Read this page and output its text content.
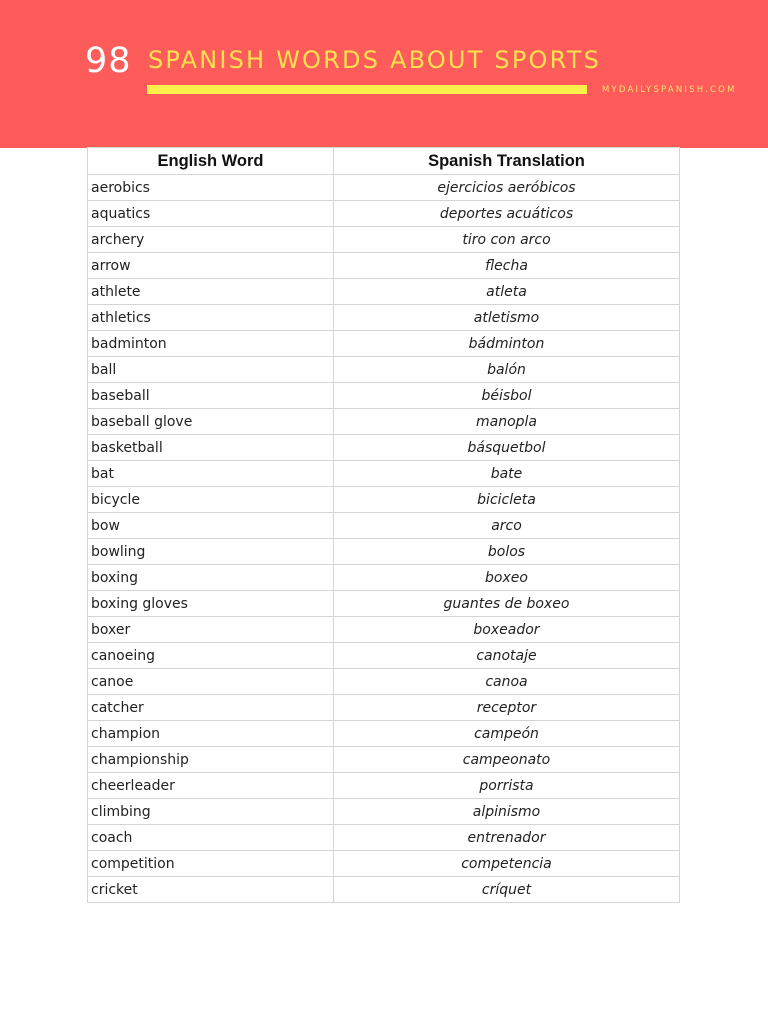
98 SPANISH WORDS ABOUT SPORTS
MYDAILYSPANISH.COM
English Word	Spanish Translation
aerobics	ejercicios aeróbicos
aquatics	deportes acuáticos
archery	tiro con arco
arrow	flecha
athlete	atleta
athletics	atletismo
badminton	bádminton
ball	balón
baseball	béisbol
baseball glove	manopla
basketball	básquetbol
bat	bate
bicycle	bicicleta
bow	arco
bowling	bolos
boxing	boxeo
boxing gloves	guantes de boxeo
boxer	boxeador
canoeing	canotaje
canoe	canoa
catcher	receptor
champion	campeón
championship	campeonato
cheerleader	porrista
climbing	alpinismo
coach	entrenador
competition	competencia
cricket	críquet
